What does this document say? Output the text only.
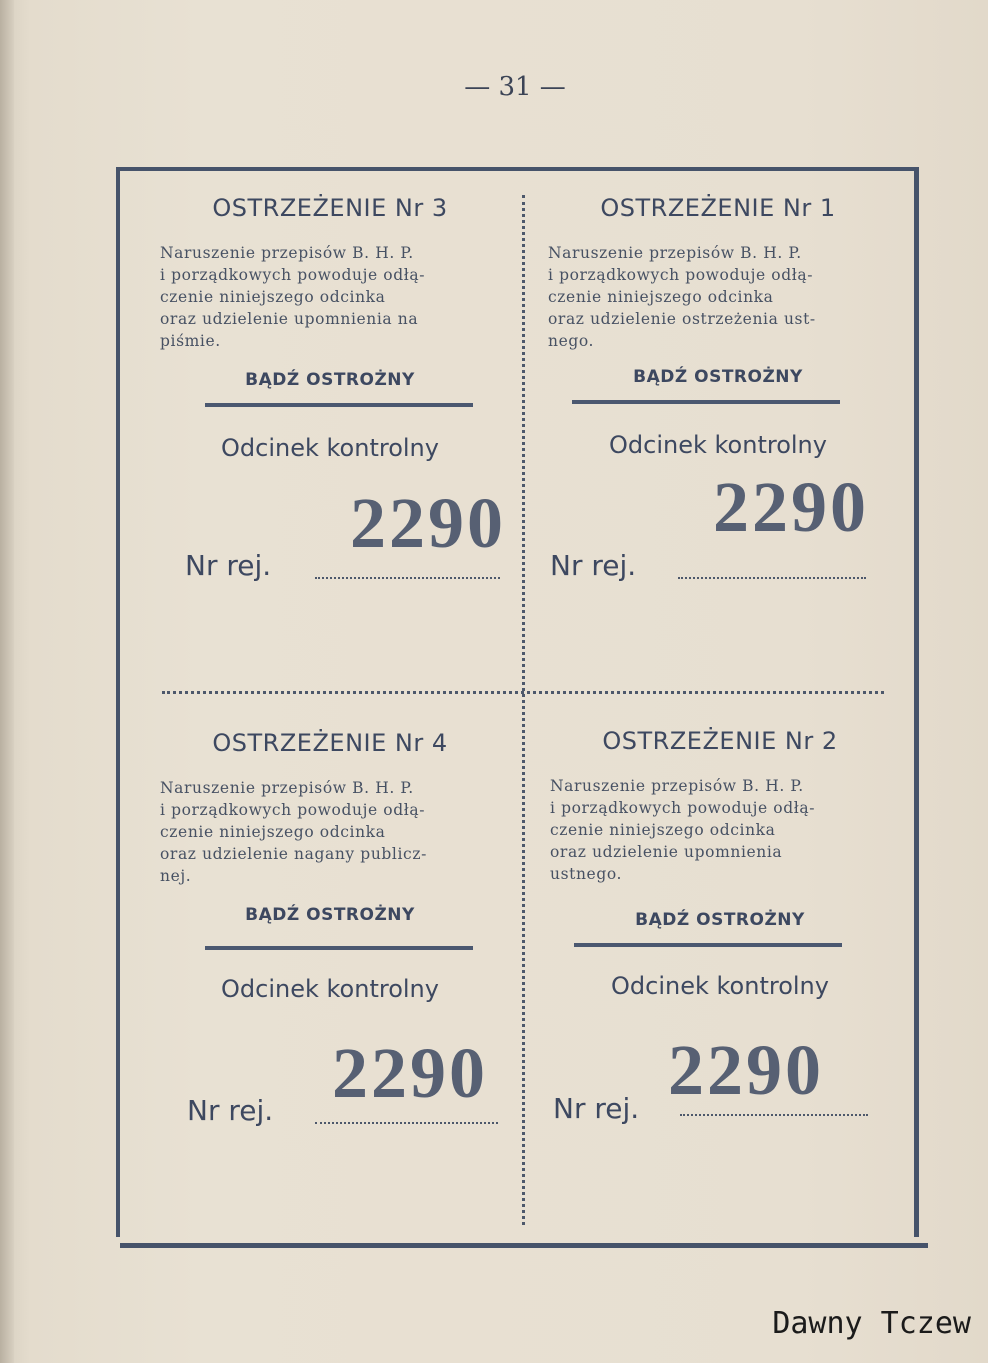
— 31 —
OSTRZEŻENIE Nr 3

Naruszenie przepisów B. H. P.

i porządkowych powoduje odłą-

czenie niniejszego odcinka

oraz udzielenie upomnienia na

piśmie.

BĄDŹ OSTROŻNY
Odcinek kontrolny
2290
Nr rej.
OSTRZEŻENIE Nr 1

Naruszenie przepisów B. H. P.

i porządkowych powoduje odłą-

czenie niniejszego odcinka

oraz udzielenie ostrzeżenia ust-

nego.

BĄDŹ OSTROŻNY
Odcinek kontrolny
2290
Nr rej.
OSTRZEŻENIE Nr 4

Naruszenie przepisów B. H. P.

i porządkowych powoduje odłą-

czenie niniejszego odcinka

oraz udzielenie nagany publicz-

nej.

BĄDŹ OSTROŻNY
Odcinek kontrolny
2290
Nr rej.
OSTRZEŻENIE Nr 2

Naruszenie przepisów B. H. P.

i porządkowych powoduje odłą-

czenie niniejszego odcinka

oraz udzielenie upomnienia

ustnego.

BĄDŹ OSTROŻNY
Odcinek kontrolny
2290
Nr rej.
Dawny Tczew
